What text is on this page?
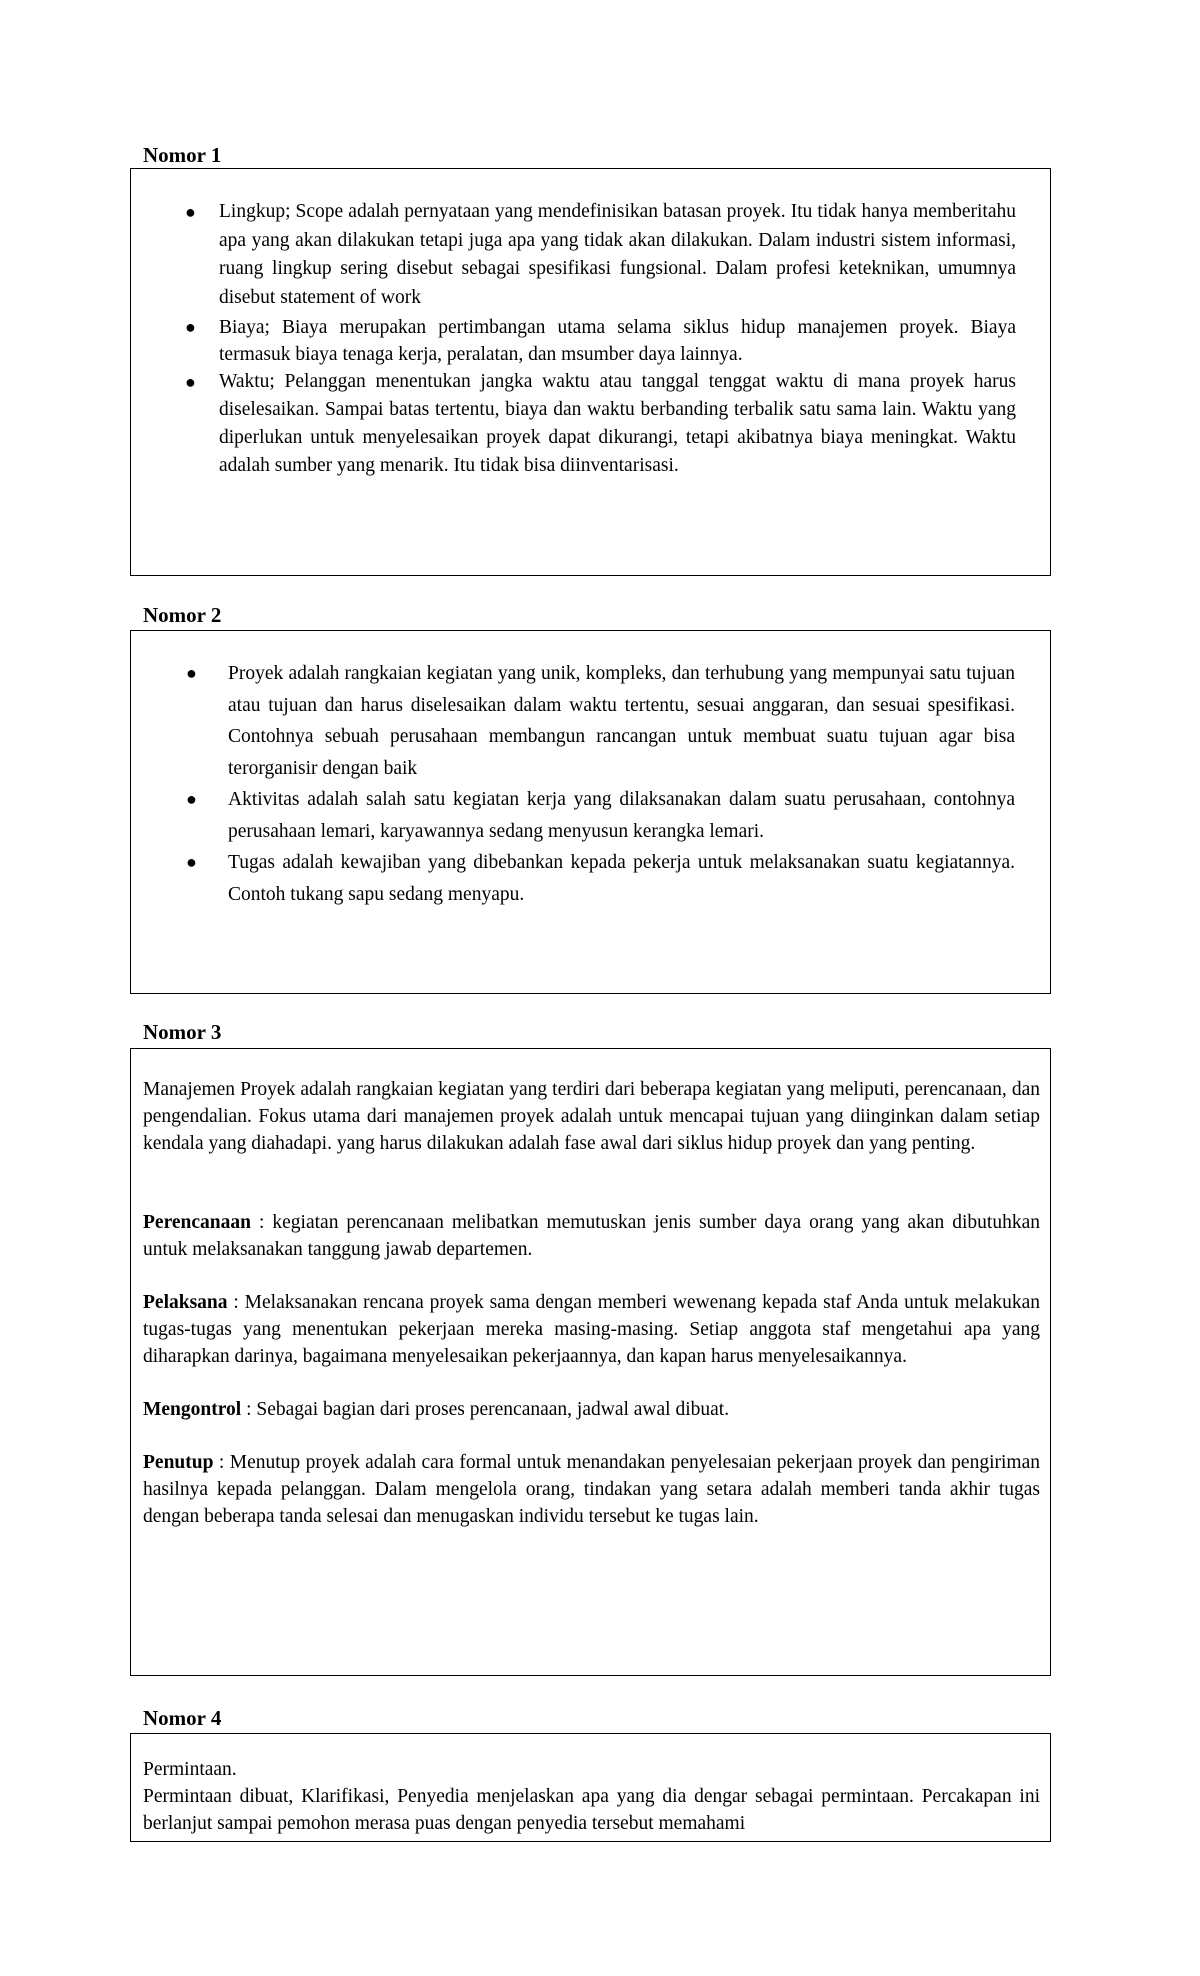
Nomor 1
● Lingkup; Scope adalah pernyataan yang mendefinisikan batasan proyek. Itu tidak hanya memberitahu apa yang akan dilakukan tetapi juga apa yang tidak akan dilakukan. Dalam industri sistem informasi, ruang lingkup sering disebut sebagai spesifikasi fungsional. Dalam profesi keteknikan, umumnya disebut statement of work
● Biaya; Biaya merupakan pertimbangan utama selama siklus hidup manajemen proyek. Biaya termasuk biaya tenaga kerja, peralatan, dan msumber daya lainnya.
● Waktu; Pelanggan menentukan jangka waktu atau tanggal tenggat waktu di mana proyek harus diselesaikan. Sampai batas tertentu, biaya dan waktu berbanding terbalik satu sama lain. Waktu yang diperlukan untuk menyelesaikan proyek dapat dikurangi, tetapi akibatnya biaya meningkat. Waktu adalah sumber yang menarik. Itu tidak bisa diinventarisasi.
Nomor 2
● Proyek adalah rangkaian kegiatan yang unik, kompleks, dan terhubung yang mempunyai satu tujuan atau tujuan dan harus diselesaikan dalam waktu tertentu, sesuai anggaran, dan sesuai spesifikasi. Contohnya sebuah perusahaan membangun rancangan untuk membuat suatu tujuan agar bisa terorganisir dengan baik
● Aktivitas adalah salah satu kegiatan kerja yang dilaksanakan dalam suatu perusahaan, contohnya perusahaan lemari, karyawannya sedang menyusun kerangka lemari.
● Tugas adalah kewajiban yang dibebankan kepada pekerja untuk melaksanakan suatu kegiatannya. Contoh tukang sapu sedang menyapu.
Nomor 3

Manajemen Proyek adalah rangkaian kegiatan yang terdiri dari beberapa kegiatan yang meliputi, perencanaan, dan pengendalian. Fokus utama dari manajemen proyek adalah untuk mencapai tujuan yang diinginkan dalam setiap kendala yang diahadapi. yang harus dilakukan adalah fase awal dari siklus hidup proyek dan yang penting.

Perencanaan : kegiatan perencanaan melibatkan memutuskan jenis sumber daya orang yang akan dibutuhkan untuk melaksanakan tanggung jawab departemen.

Pelaksana : Melaksanakan rencana proyek sama dengan memberi wewenang kepada staf Anda untuk melakukan tugas-tugas yang menentukan pekerjaan mereka masing-masing. Setiap anggota staf mengetahui apa yang diharapkan darinya, bagaimana menyelesaikan pekerjaannya, dan kapan harus menyelesaikannya.

Mengontrol : Sebagai bagian dari proses perencanaan, jadwal awal dibuat.

Penutup : Menutup proyek adalah cara formal untuk menandakan penyelesaian pekerjaan proyek dan pengiriman hasilnya kepada pelanggan. Dalam mengelola orang, tindakan yang setara adalah memberi tanda akhir tugas dengan beberapa tanda selesai dan menugaskan individu tersebut ke tugas lain.

Nomor 4

Permintaan.

Permintaan dibuat, Klarifikasi, Penyedia menjelaskan apa yang dia dengar sebagai permintaan. Percakapan ini berlanjut sampai pemohon merasa puas dengan penyedia tersebut memahami
